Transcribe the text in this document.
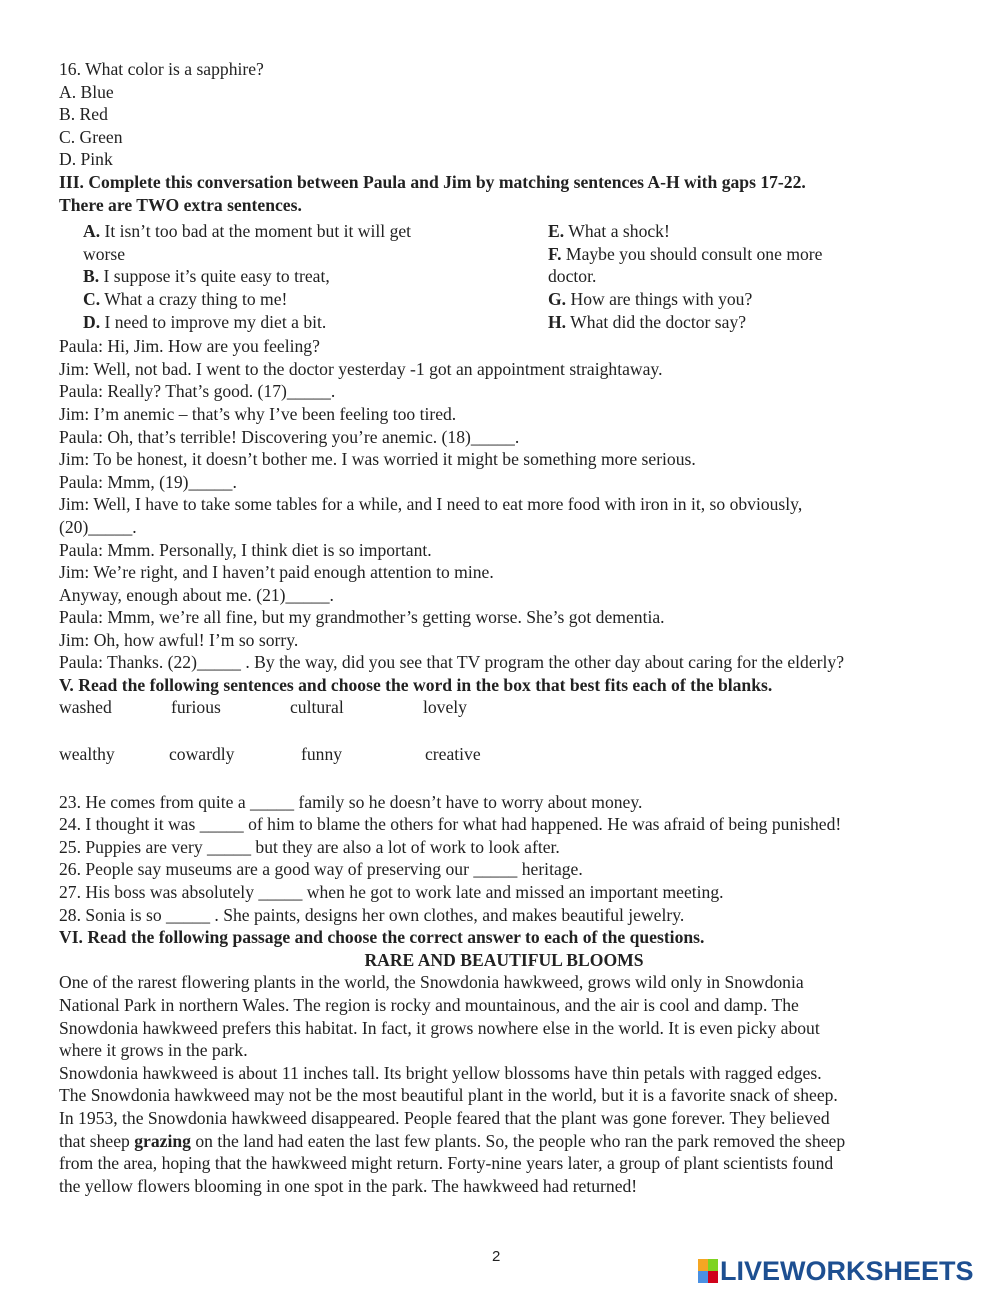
16. What color is a sapphire?
A. Blue
B. Red
C. Green
D. Pink
III. Complete this conversation between Paula and Jim by matching sentences A-H with gaps 17-22.
There are TWO extra sentences.
A. It isn’t too bad at the moment but it will get
worse
B. I suppose it’s quite easy to treat,
C. What a crazy thing to me!
D. I need to improve my diet a bit.
E. What a shock!
F. Maybe you should consult one more
doctor.
G. How are things with you?
H. What did the doctor say?
Paula: Hi, Jim. How are you feeling?
Jim: Well, not bad. I went to the doctor yesterday -1 got an appointment straightaway.
Paula: Really? That’s good. (17)_____.
Jim: I’m anemic – that’s why I’ve been feeling too tired.
Paula: Oh, that’s terrible! Discovering you’re anemic. (18)_____.
Jim: To be honest, it doesn’t bother me. I was worried it might be something more serious.
Paula: Mmm, (19)_____.
Jim: Well, I have to take some tables for a while, and I need to eat more food with iron in it, so obviously,
(20)_____.
Paula: Mmm. Personally, I think diet is so important.
Jim: We’re right, and I haven’t paid enough attention to mine.
Anyway, enough about me. (21)_____.
Paula: Mmm, we’re all fine, but my grandmother’s getting worse. She’s got dementia.
Jim: Oh, how awful! I’m so sorry.
Paula: Thanks. (22)_____ . By the way, did you see that TV program the other day about caring for the elderly?
V. Read the following sentences and choose the word in the box that best fits each of the blanks.
washed	furious	cultural	lovely
wealthy	cowardly	funny	creative
23. He comes from quite a _____ family so he doesn’t have to worry about money.
24. I thought it was _____ of him to blame the others for what had happened. He was afraid of being punished!
25. Puppies are very _____ but they are also a lot of work to look after.
26. People say museums are a good way of preserving our _____ heritage.
27. His boss was absolutely _____ when he got to work late and missed an important meeting.
28. Sonia is so _____ . She paints, designs her own clothes, and makes beautiful jewelry.
VI. Read the following passage and choose the correct answer to each of the questions.
RARE AND BEAUTIFUL BLOOMS
One of the rarest flowering plants in the world, the Snowdonia hawkweed, grows wild only in Snowdonia
National Park in northern Wales. The region is rocky and mountainous, and the air is cool and damp. The
Snowdonia hawkweed prefers this habitat. In fact, it grows nowhere else in the world. It is even picky about
where it grows in the park.
Snowdonia hawkweed is about 11 inches tall. Its bright yellow blossoms have thin petals with ragged edges.
The Snowdonia hawkweed may not be the most beautiful plant in the world, but it is a favorite snack of sheep.
In 1953, the Snowdonia hawkweed disappeared. People feared that the plant was gone forever. They believed
that sheep grazing on the land had eaten the last few plants. So, the people who ran the park removed the sheep
from the area, hoping that the hawkweed might return. Forty-nine years later, a group of plant scientists found
the yellow flowers blooming in one spot in the park. The hawkweed had returned!
2	LIVEWORKSHEETS
